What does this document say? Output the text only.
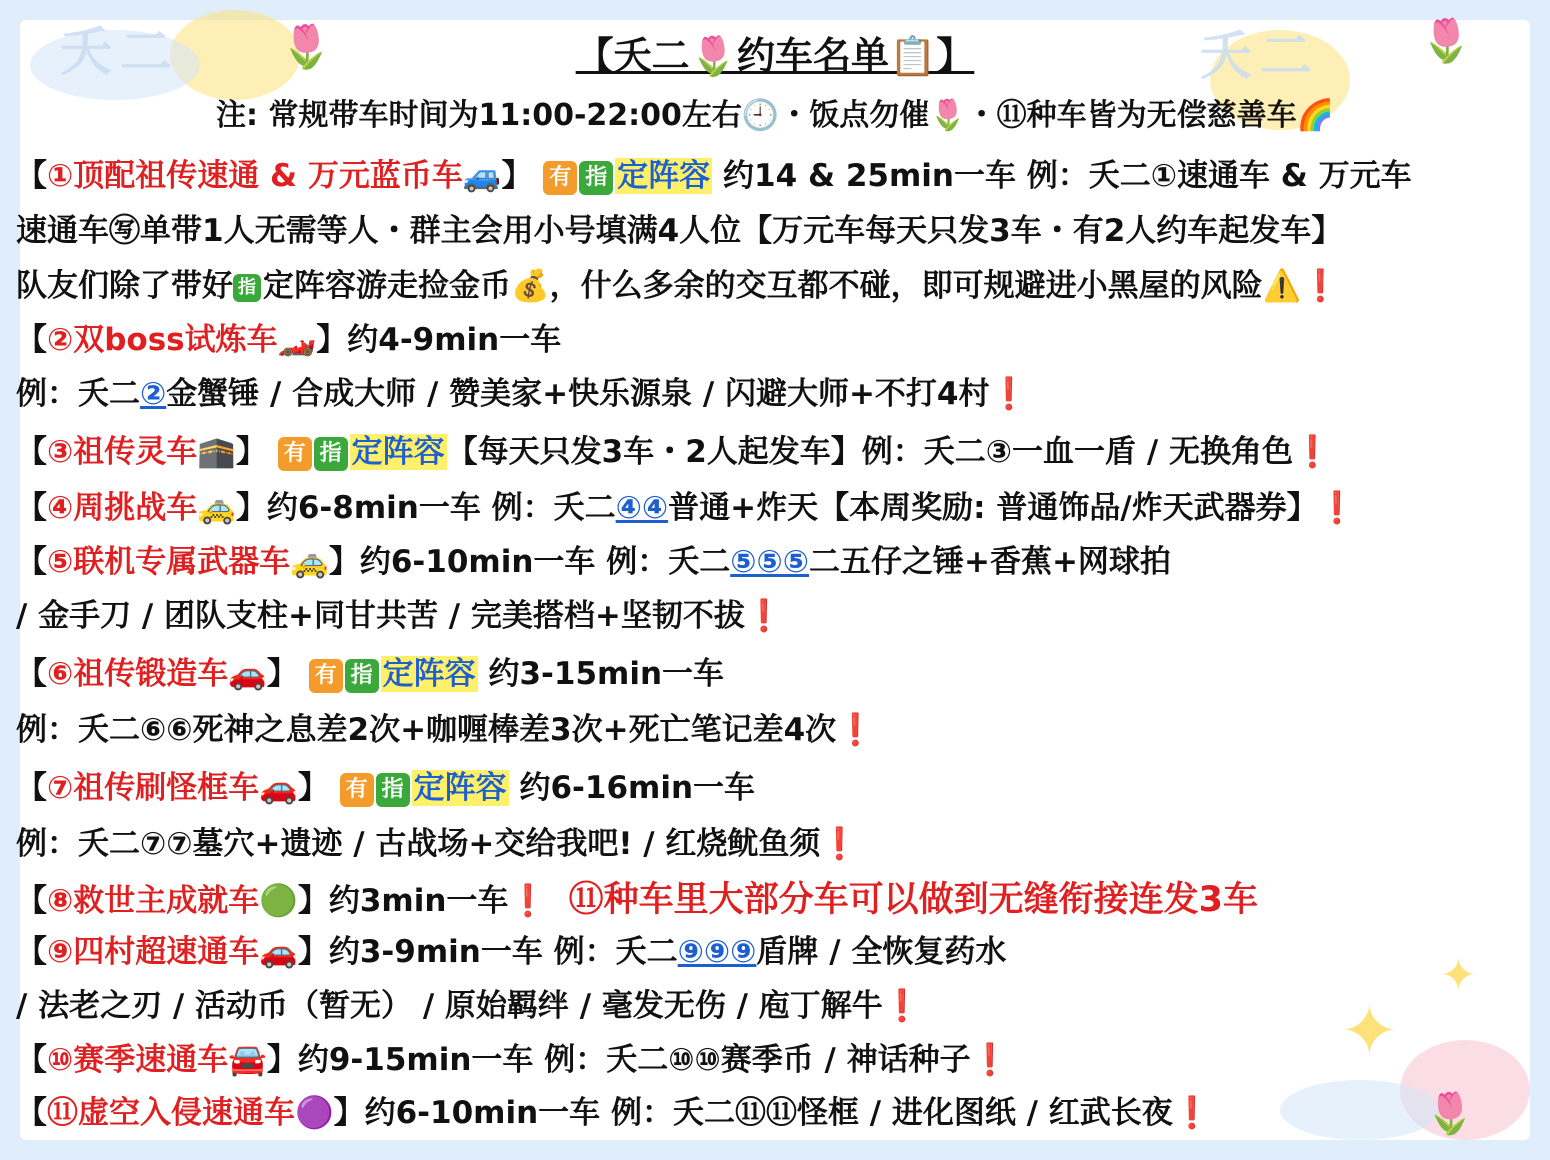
夭二	夭二
🌷	🌷
🌷
✦
✦
【夭二🌷约车名单📋】
注: 常规带车时间为11:00-22:00左右🕘・饭点勿催🌷・⑪种车皆为无偿慈善车🌈
【①顶配祖传速通 & 万元蓝币车🚙】 有 指 定阵容 约14 & 25min一车 例：夭二①速通车 & 万元车
速通车㊢单带1人无需等人・群主会用小号填满4人位【万元车每天只发3车・有2人约车起发车】
队友们除了带好 指 定阵容游走捡金币💰，什么多余的交互都不碰，即可规避进小黑屋的风险⚠️❗
【②双boss试炼车🏎️】约4-9min一车
例：夭二②金蟹锤 / 合成大师 / 赞美家+快乐源泉 / 闪避大师+不打4村❗
【③祖传灵车🕋】 有 指 定阵容【每天只发3车・2人起发车】例：夭二③一血一盾 / 无换角色❗
【④周挑战车🚕】约6-8min一车 例：夭二④④普通+炸天【本周奖励: 普通饰品/炸天武器券】❗
【⑤联机专属武器车🚕】约6-10min一车 例：夭二⑤⑤⑤二五仔之锤+香蕉+网球拍
/ 金手刀 / 团队支柱+同甘共苦 / 完美搭档+坚韧不拔❗
【⑥祖传锻造车🚗】 有 指 定阵容 约3-15min一车
例：夭二⑥⑥死神之息差2次+咖喱棒差3次+死亡笔记差4次❗
【⑦祖传刷怪框车🚗】 有 指 定阵容 约6-16min一车
例：夭二⑦⑦墓穴+遗迹 / 古战场+交给我吧! / 红烧鱿鱼须❗
【⑧救世主成就车🟢】约3min一车❗ ⑪种车里大部分车可以做到无缝衔接连发3车
【⑨四村超速通车🚗】约3-9min一车 例：夭二⑨⑨⑨盾牌 / 全恢复药水
/ 法老之刃 / 活动币（暂无） / 原始羁绊 / 毫发无伤 / 庖丁解牛❗
【⑩赛季速通车🚘】约9-15min一车 例：夭二⑩⑩赛季币 / 神话种子❗
【⑪虚空入侵速通车🟣】约6-10min一车 例：夭二⑪⑪怪框 / 进化图纸 / 红武长夜❗
